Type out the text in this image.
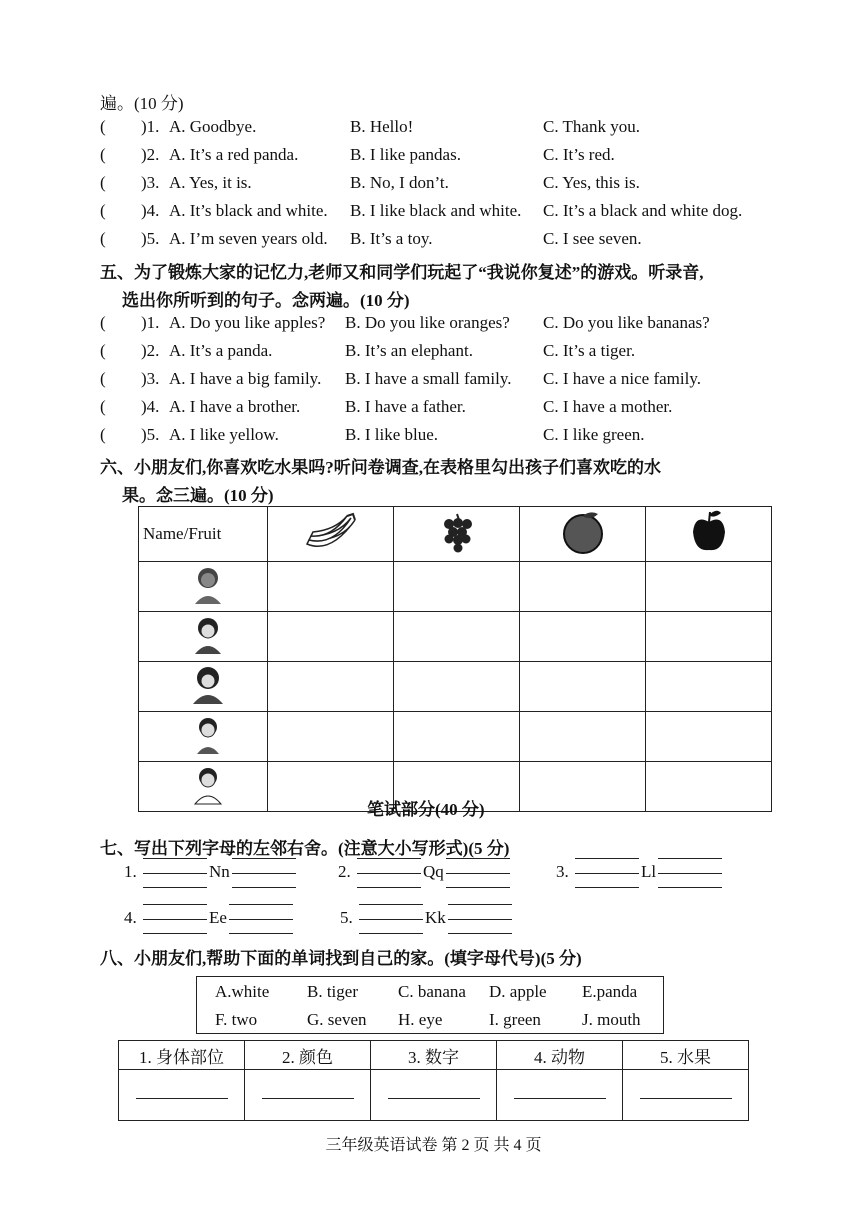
遍。(10 分)
( )1. A. Goodbye.	B. Hello!	C. Thank you.
( )2. A. It’s a red panda.	B. I like pandas.	C. It’s red.
( )3. A. Yes, it is.	B. No, I don’t.	C. Yes, this is.
( )4. A. It’s black and white. B. I like black and white. C. It’s a black and white dog.
( )5. A. I’m seven years old. B. It’s a toy.	C. I see seven.
五、为了锻炼大家的记忆力,老师又和同学们玩起了“我说你复述”的游戏。听录音,
选出你所听到的句子。念两遍。(10 分)
( )1. A. Do you like apples? B. Do you like oranges? C. Do you like bananas?
( )2. A. It’s a panda.	B. It’s an elephant.	C. It’s a tiger.
( )3. A. I have a big family. B. I have a small family. C. I have a nice family.
( )4. A. I have a brother.	B. I have a father.	C. I have a mother.
( )5. A. I like yellow.	B. I like blue.	C. I like green.
六、小朋友们,你喜欢吃水果吗?听问卷调查,在表格里勾出孩子们喜欢吃的水
果。念三遍。(10 分)
Name/Fruit				

笔试部分(40 分)
七、写出下列字母的左邻右舍。(注意大小写形式)(5 分)
1.	Nn	2.	Qq	3.	Ll
4.	Ee	5.	Kk
八、小朋友们,帮助下面的单词找到自己的家。(填字母代号)(5 分)
A.white B. tiger C. banana D. apple E.panda
F. two	G. seven H. eye	I. green J. mouth
1. 身体部位	2. 颜色	3. 数字	4. 动物	5. 水果

三年级英语试卷 第 2 页 共 4 页
